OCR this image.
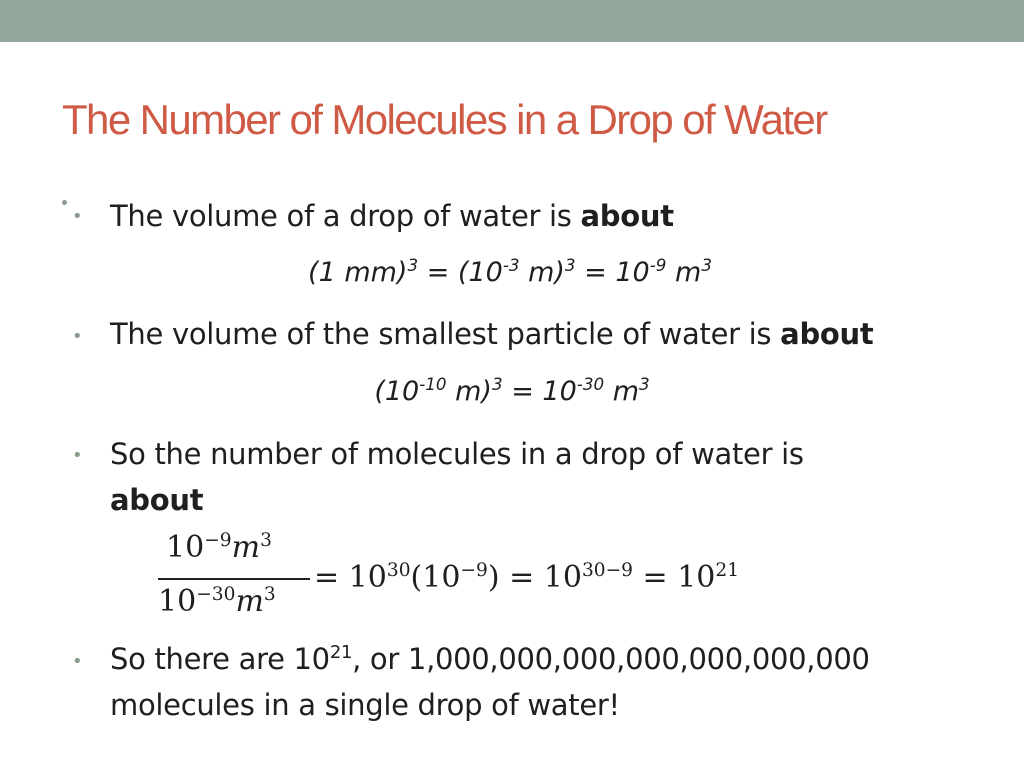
The Number of Molecules in a Drop of Water
• The volume of a drop of water is about
(1 $mm)^3 = (10^{-3}$ $m)^3 = 10^{-9}$ $m^3$
• The volume of the smallest particle of water is about
($10^{-10}$ $m)^3 = 10^{-30}$ $m^3$
• So the number of molecules in a drop of water is
about
$10^{-9}m^3$
$10^{-30}m^3 = 10^{30}(10^{-9}) = 10^{30-9} = 10^{21}$
• So there are $10^{21}$, or 1,000,000,000,000,000,000,000
molecules in a single drop of water!
